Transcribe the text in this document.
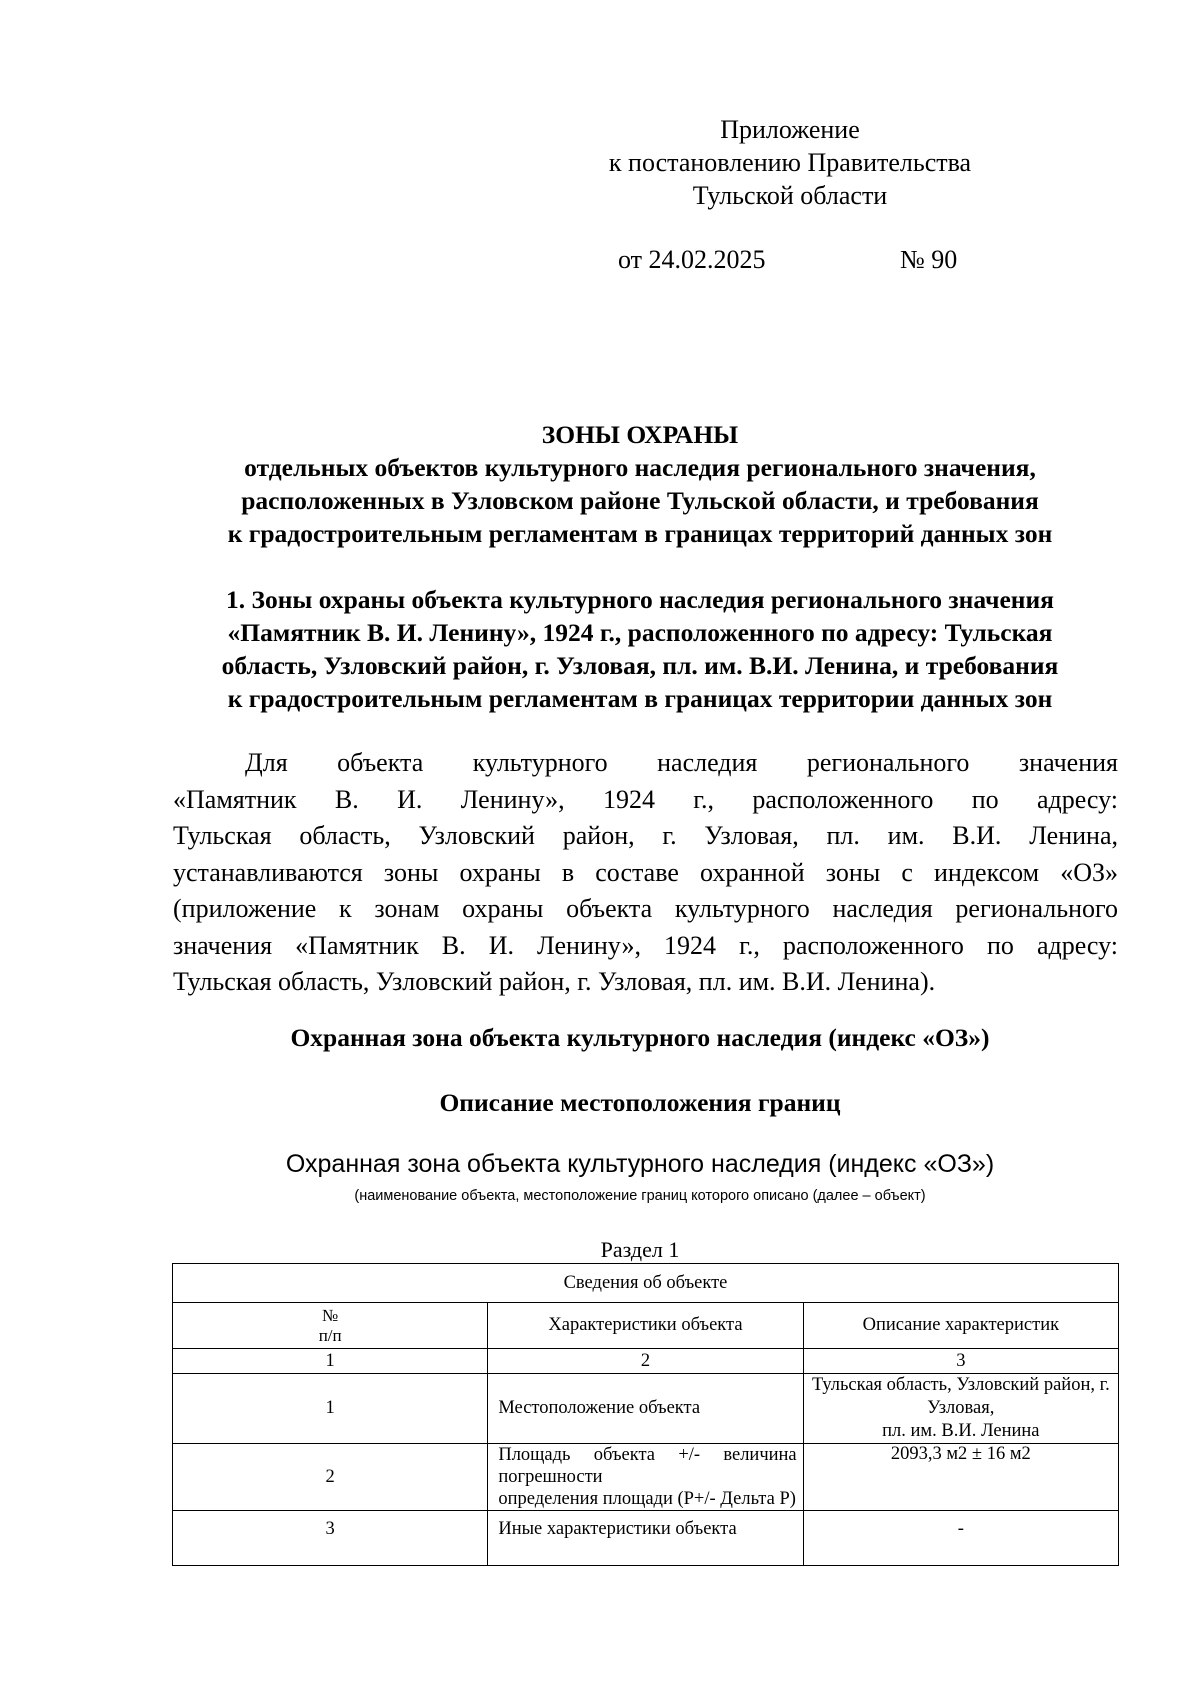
Приложение
к постановлению Правительства
Тульской области
от 24.02.2025	№ 90
ЗОНЫ ОХРАНЫ
отдельных объектов культурного наследия регионального значения,
расположенных в Узловском районе Тульской области, и требования
к градостроительным регламентам в границах территорий данных зон
1. Зоны охраны объекта культурного наследия регионального значения
«Памятник В. И. Ленину», 1924 г., расположенного по адресу: Тульская
область, Узловский район, г. Узловая, пл. им. В.И. Ленина, и требования
к градостроительным регламентам в границах территории данных зон
Для объекта культурного наследия регионального значения
«Памятник В. И. Ленину», 1924 г., расположенного по адресу:
Тульская область, Узловский район, г. Узловая, пл. им. В.И. Ленина,
устанавливаются зоны охраны в составе охранной зоны с индексом «ОЗ»
(приложение к зонам охраны объекта культурного наследия регионального
значения «Памятник В. И. Ленину», 1924 г., расположенного по адресу:
Тульская область, Узловский район, г. Узловая, пл. им. В.И. Ленина).
Охранная зона объекта культурного наследия (индекс «ОЗ»)
Описание местоположения границ
Охранная зона объекта культурного наследия (индекс «ОЗ»)
(наименование объекта, местоположение границ которого описано (далее – объект)
Раздел 1
Сведения об объекте		
№
п/п	Характеристики объекта	Описание характеристик
1	2	3
1	Местоположение объекта	Тульская область, Узловский район, г. Узловая,
пл. им. В.И. Ленина
2	Площадь объекта +/- величина погрешности
определения площади (Р+/- Дельта Р)	2093,3 м2 ± 16 м2
3	Иные характеристики объекта	-
